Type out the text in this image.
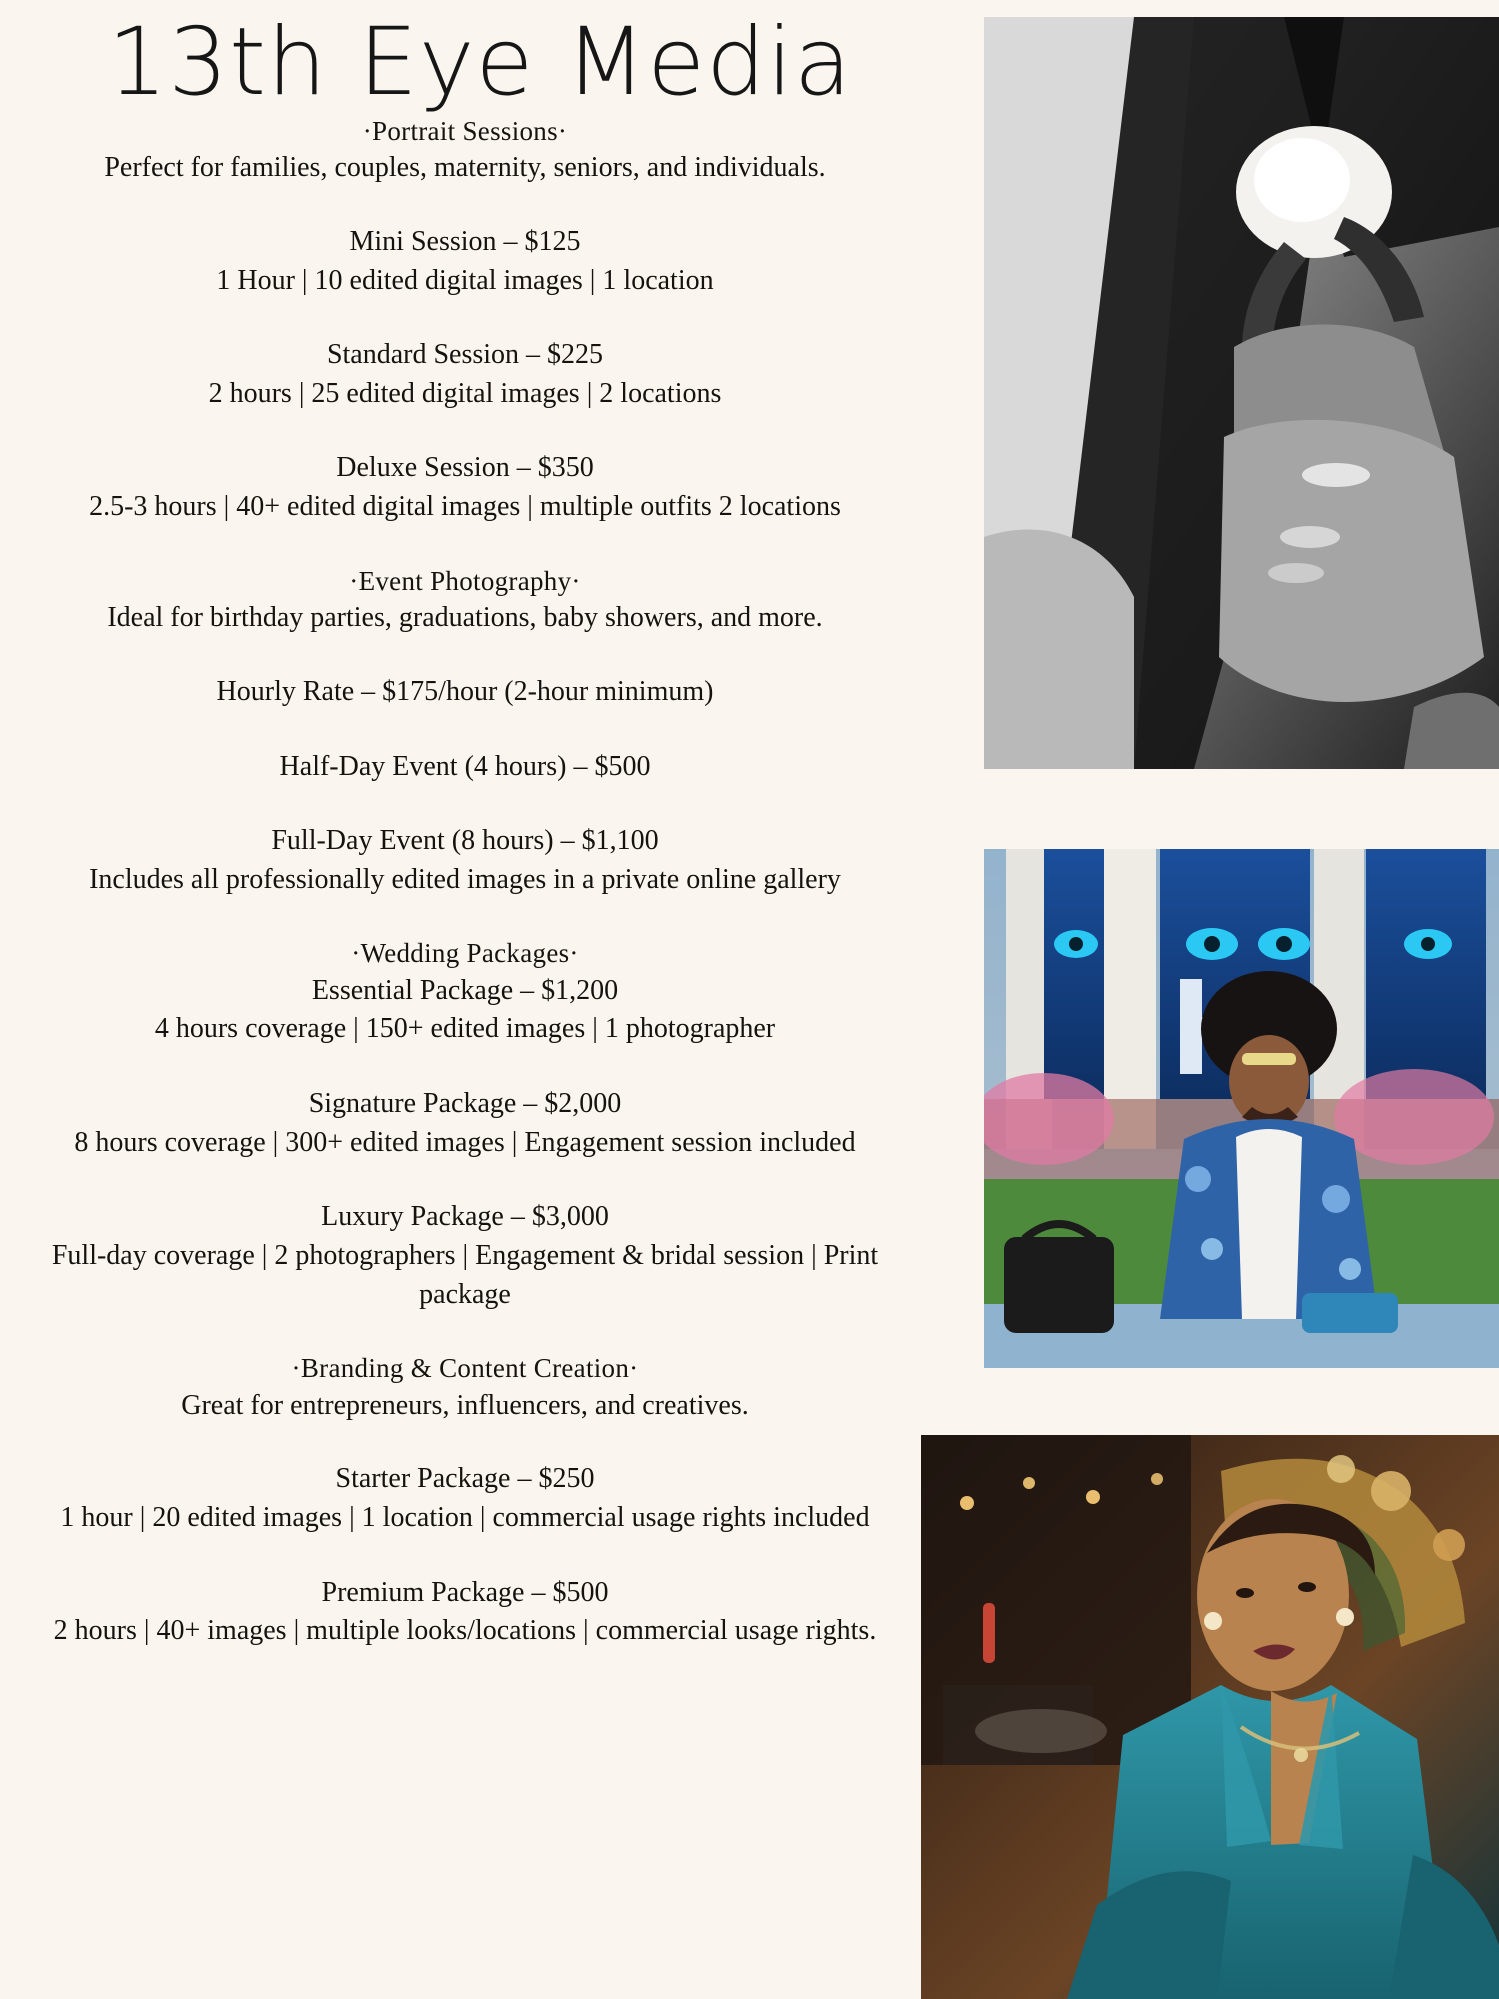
13th Eye Media

·Portrait Sessions·

Perfect for families, couples, maternity, seniors, and individuals.

Mini Session – $125

1 Hour | 10 edited digital images | 1 location

Standard Session – $225

2 hours | 25 edited digital images | 2 locations

Deluxe Session – $350

2.5-3 hours | 40+ edited digital images | multiple outfits 2 locations

·Event Photography·

Ideal for birthday parties, graduations, baby showers, and more.

Hourly Rate – $175/hour (2-hour minimum)

Half-Day Event (4 hours) – $500

Full-Day Event (8 hours) – $1,100

Includes all professionally edited images in a private online gallery

·Wedding Packages·

Essential Package – $1,200

4 hours coverage | 150+ edited images | 1 photographer

Signature Package – $2,000

8 hours coverage | 300+ edited images | Engagement session included

Luxury Package – $3,000

Full-day coverage | 2 photographers | Engagement & bridal session | Print package

·Branding & Content Creation·

Great for entrepreneurs, influencers, and creatives.

Starter Package – $250

1 hour | 20 edited images | 1 location | commercial usage rights included

Premium Package – $500

2 hours | 40+ images | multiple looks/locations | commercial usage rights.
